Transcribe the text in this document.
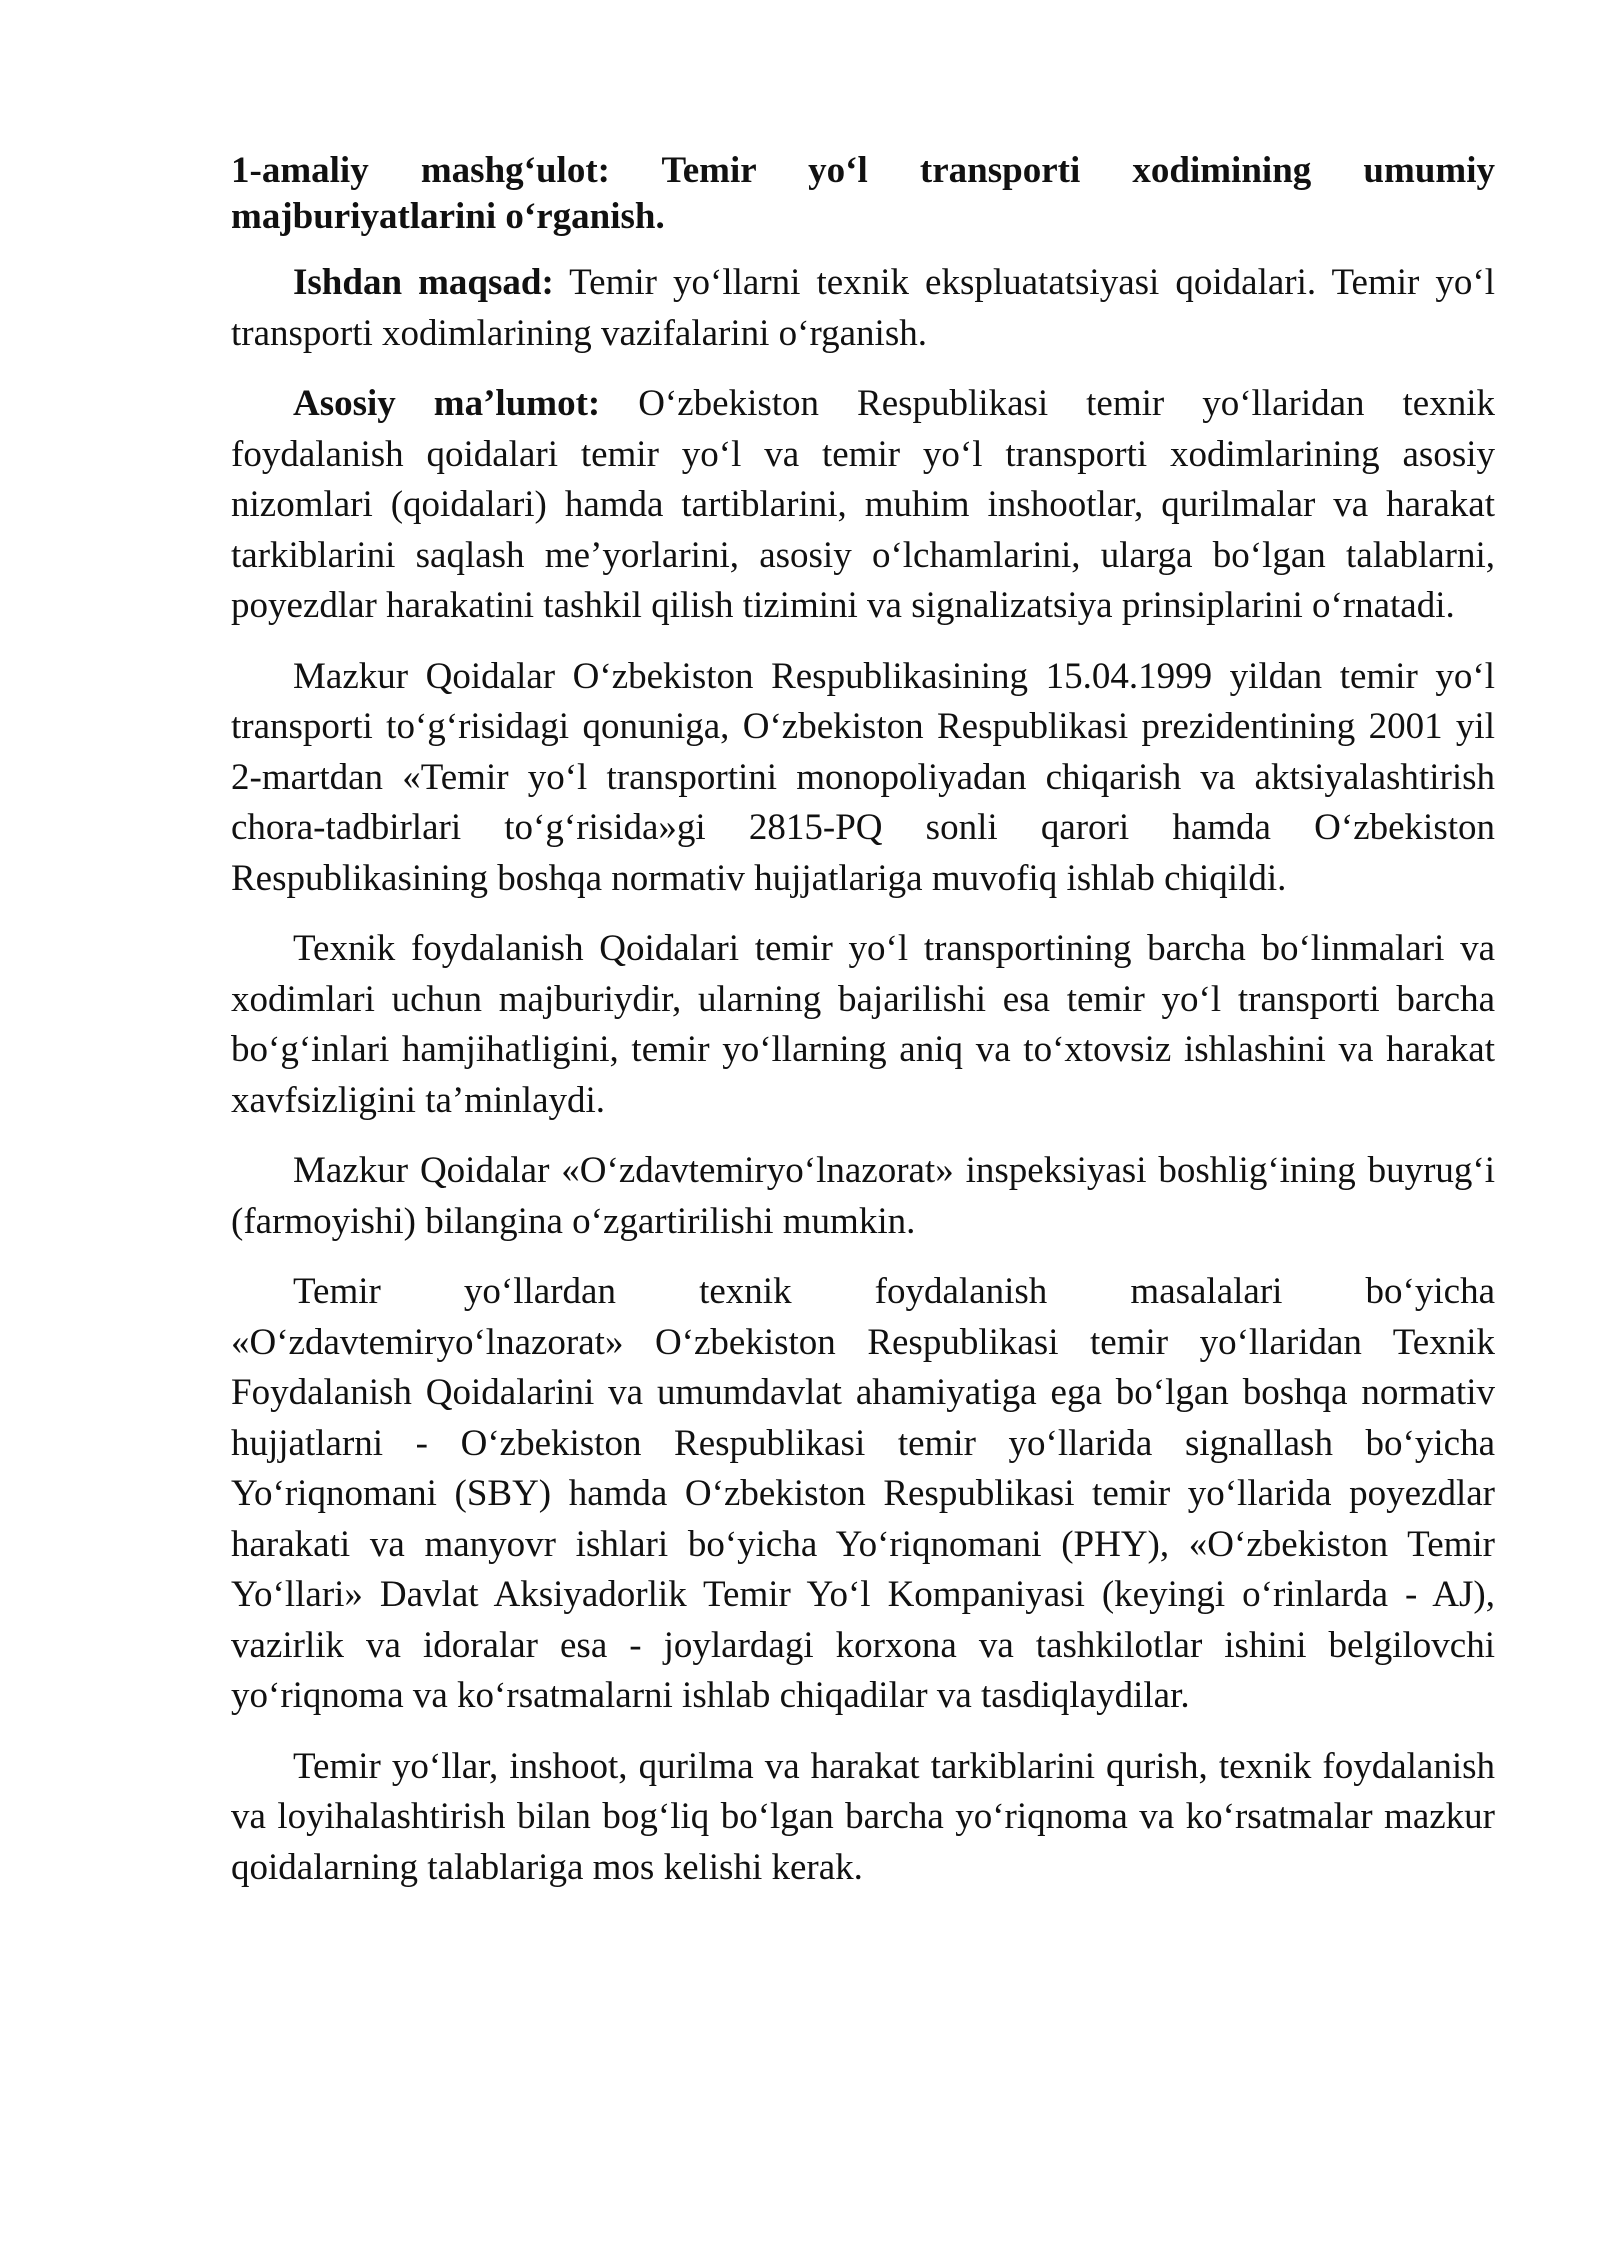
1-amaliy mashg‘ulot: Temir yo‘l transporti xodimining umumiy majburiyatlarini o‘rganish.

Ishdan maqsad: Temir yo‘llarni texnik ekspluatatsiyasi qoidalari. Temir yo‘l transporti xodimlarining vazifalarini o‘rganish.

Asosiy ma’lumot: O‘zbekiston Respublikasi temir yo‘llaridan texnik foydalanish qoidalari temir yo‘l va temir yo‘l transporti xodimlarining asosiy nizomlari (qoidalari) hamda tartiblarini, muhim inshootlar, qurilmalar va harakat tarkiblarini saqlash me’yorlarini, asosiy o‘lchamlarini, ularga bo‘lgan talablarni, poyezdlar harakatini tashkil qilish tizimini va signalizatsiya prinsiplarini o‘rnatadi.

Mazkur Qoidalar O‘zbekiston Respublikasining 15.04.1999 yildan temir yo‘l transporti to‘g‘risidagi qonuniga, O‘zbekiston Respublikasi prezidentining 2001 yil 2-martdan «Temir yo‘l transportini monopoliyadan chiqarish va aktsiyalashtirish chora-tadbirlari to‘g‘risida»gi 2815-PQ sonli qarori hamda O‘zbekiston Respublikasining boshqa normativ hujjatlariga muvofiq ishlab chiqildi.

Texnik foydalanish Qoidalari temir yo‘l transportining barcha bo‘linmalari va xodimlari uchun majburiydir, ularning bajarilishi esa temir yo‘l transporti barcha bo‘g‘inlari hamjihatligini, temir yo‘llarning aniq va to‘xtovsiz ishlashini va harakat xavfsizligini ta’minlaydi.

Mazkur Qoidalar «O‘zdavtemiryo‘lnazorat» inspeksiyasi boshlig‘ining buyrug‘i (farmoyishi) bilangina o‘zgartirilishi mumkin.

Temir yo‘llardan texnik foydalanish masalalari bo‘yicha «O‘zdavtemiryo‘lnazorat» O‘zbekiston Respublikasi temir yo‘llaridan Texnik Foydalanish Qoidalarini va umumdavlat ahamiyatiga ega bo‘lgan boshqa normativ hujjatlarni - O‘zbekiston Respublikasi temir yo‘llarida signallash bo‘yicha Yo‘riqnomani (SBY) hamda O‘zbekiston Respublikasi temir yo‘llarida poyezdlar harakati va manyovr ishlari bo‘yicha Yo‘riqnomani (PHY), «O‘zbekiston Temir Yo‘llari» Davlat Aksiyadorlik Temir Yo‘l Kompaniyasi (keyingi o‘rinlarda - AJ), vazirlik va idoralar esa - joylardagi korxona va tashkilotlar ishini belgilovchi yo‘riqnoma va ko‘rsatmalarni ishlab chiqadilar va tasdiqlaydilar.

Temir yo‘llar, inshoot, qurilma va harakat tarkiblarini qurish, texnik foydalanish va loyihalashtirish bilan bog‘liq bo‘lgan barcha yo‘riqnoma va ko‘rsatmalar mazkur qoidalarning talablariga mos kelishi kerak.
